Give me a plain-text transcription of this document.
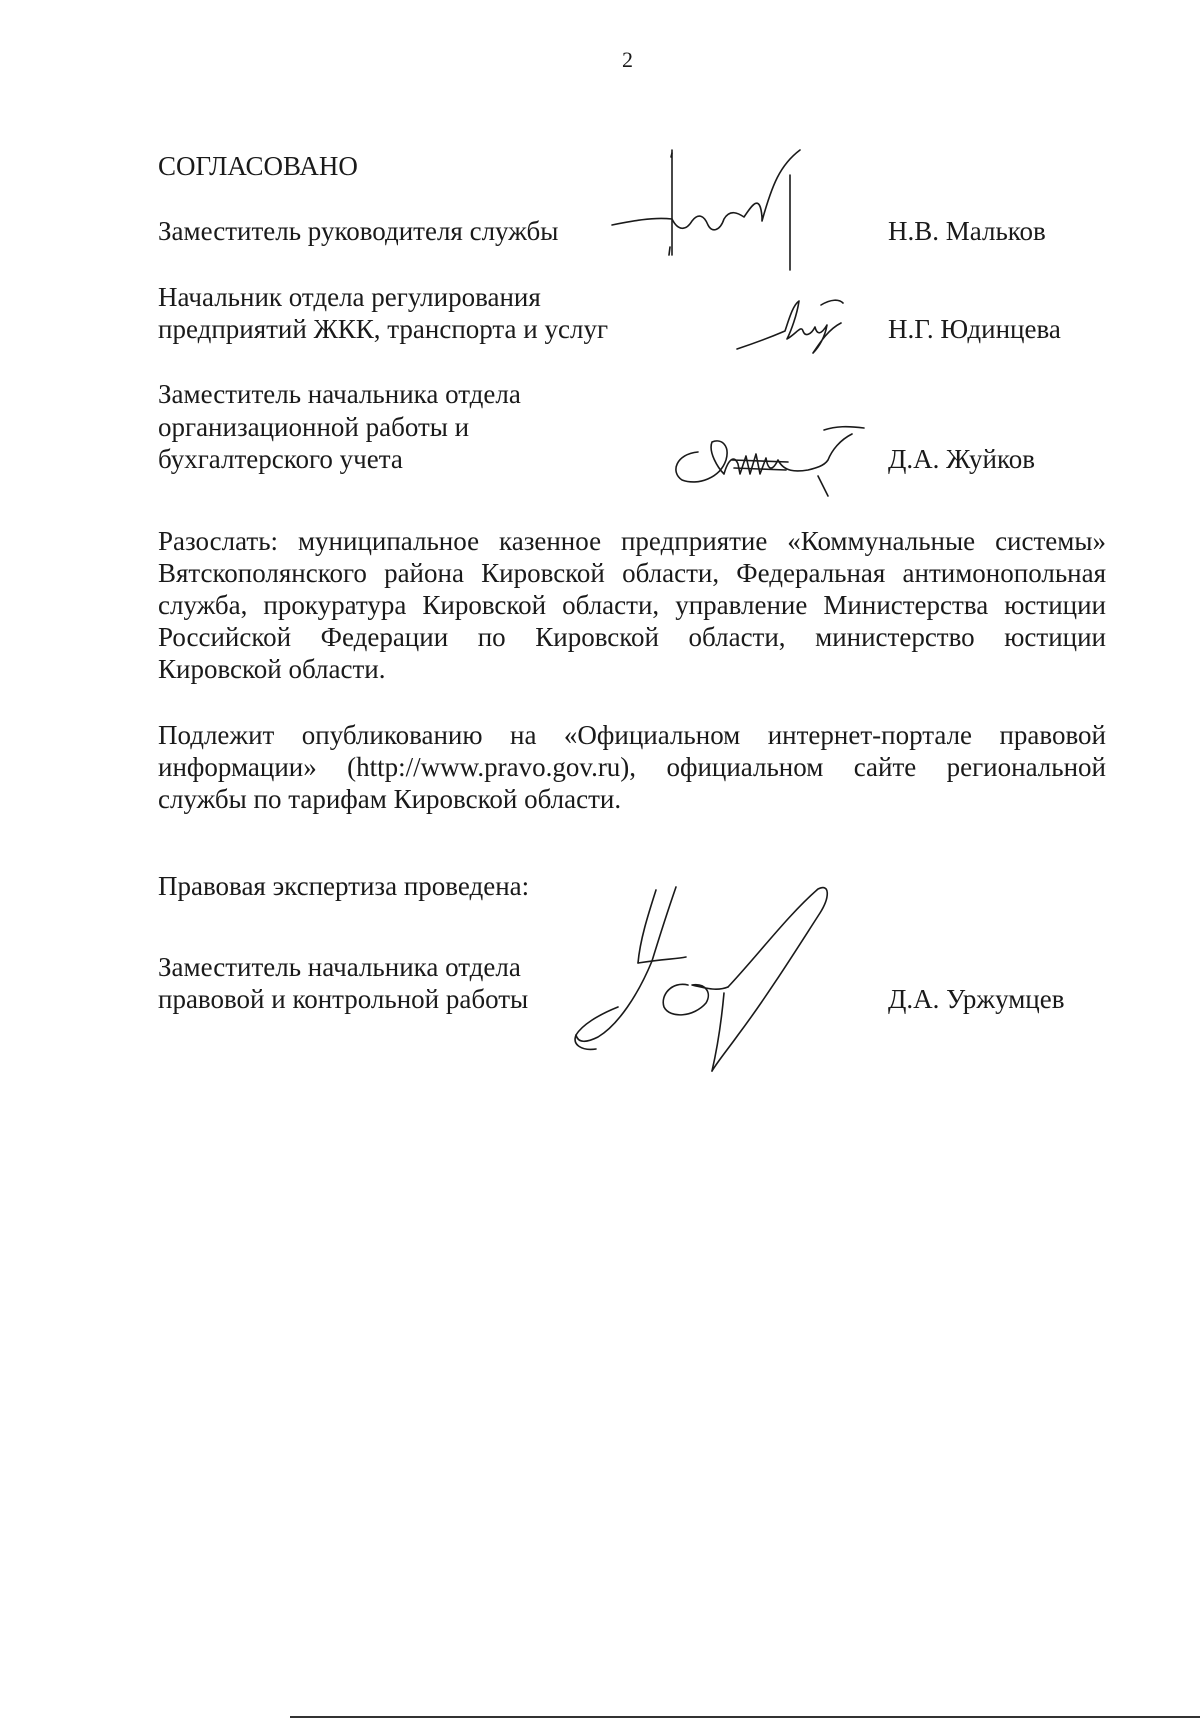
2
СОГЛАСОВАНО
Заместитель руководителя службы	Н.В. Мальков
Начальник отдела регулирования
предприятий ЖКК, транспорта и услуг	Н.Г. Юдинцева
Заместитель начальника отдела
организационной работы и
бухгалтерского учета	Д.А. Жуйков
Разослать: муниципальное казенное предприятие «Коммунальные системы»
Вятскополянского района Кировской области, Федеральная антимонопольная
служба, прокуратура Кировской области, управление Министерства юстиции
Российской Федерации по Кировской области, министерство юстиции
Кировской области.
Подлежит опубликованию на «Официальном интернет-портале правовой
информации» (http://www.pravo.gov.ru), официальном сайте региональной
службы по тарифам Кировской области.
Правовая экспертиза проведена:
Заместитель начальника отдела
правовой и контрольной работы	Д.А. Уржумцев
